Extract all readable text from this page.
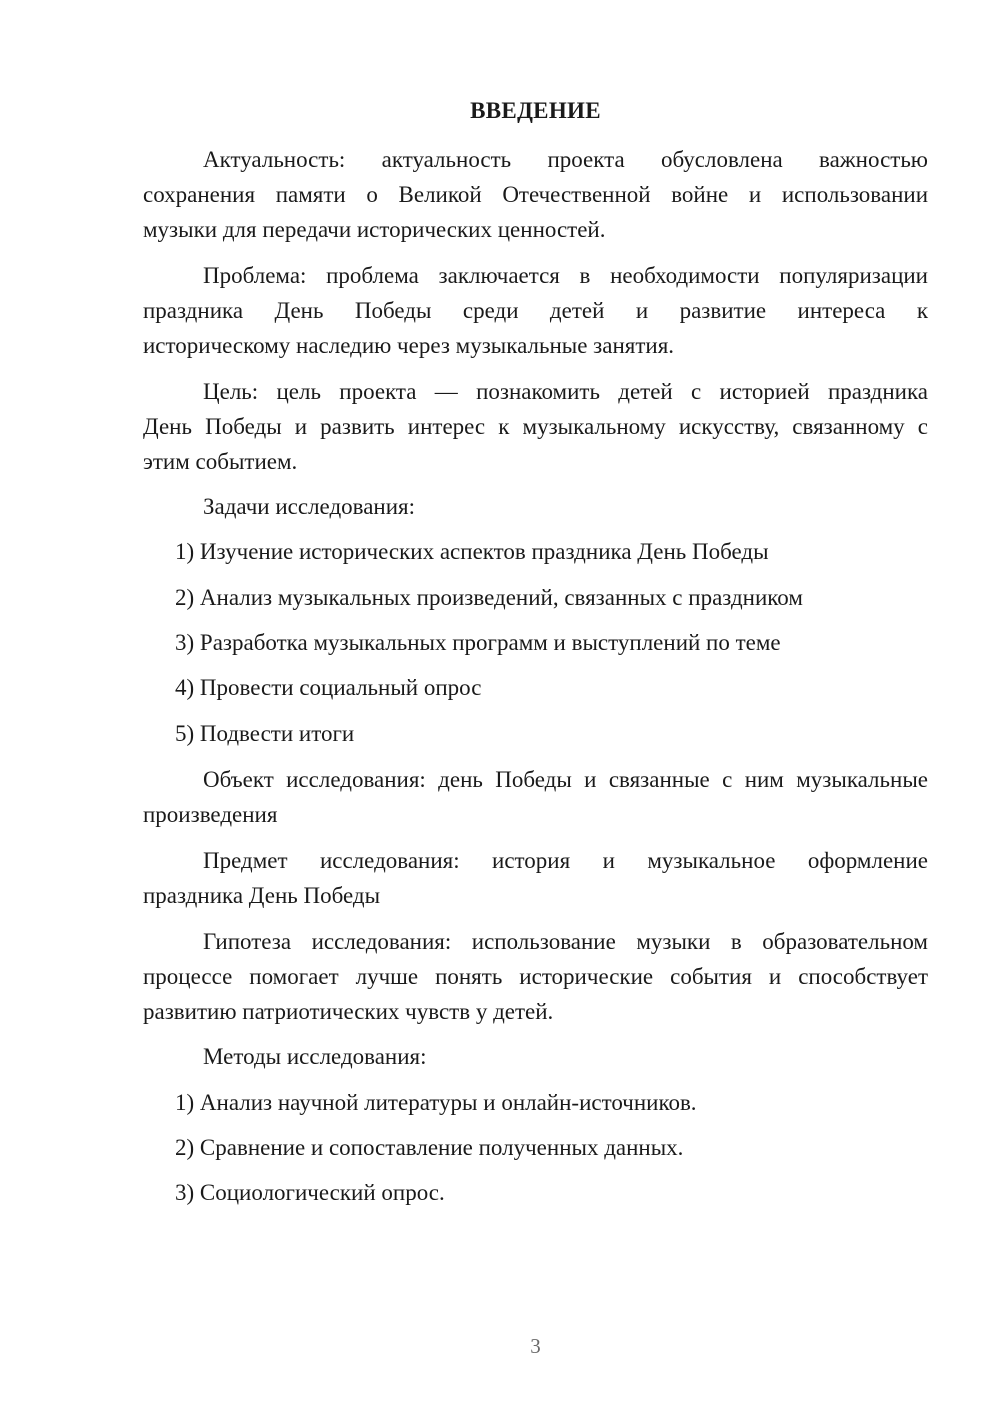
ВВЕДЕНИЕ
Актуальность: актуальность проекта обусловлена важностью
сохранения памяти о Великой Отечественной войне и использовании
музыки для передачи исторических ценностей.
Проблема: проблема заключается в необходимости популяризации
праздника День Победы среди детей и развитие интереса к
историческому наследию через музыкальные занятия.
Цель: цель проекта — познакомить детей с историей праздника
День Победы и развить интерес к музыкальному искусству, связанному с
этим событием.
Задачи исследования:
1) Изучение исторических аспектов праздника День Победы
2) Анализ музыкальных произведений, связанных с праздником
3) Разработка музыкальных программ и выступлений по теме
4) Провести социальный опрос
5) Подвести итоги
Объект исследования: день Победы и связанные с ним музыкальные
произведения
Предмет исследования: история и музыкальное оформление
праздника День Победы
Гипотеза исследования: использование музыки в образовательном
процессе помогает лучше понять исторические события и способствует
развитию патриотических чувств у детей.
Методы исследования:
1) Анализ научной литературы и онлайн-источников.
2) Сравнение и сопоставление полученных данных.
3) Социологический опрос.
3
